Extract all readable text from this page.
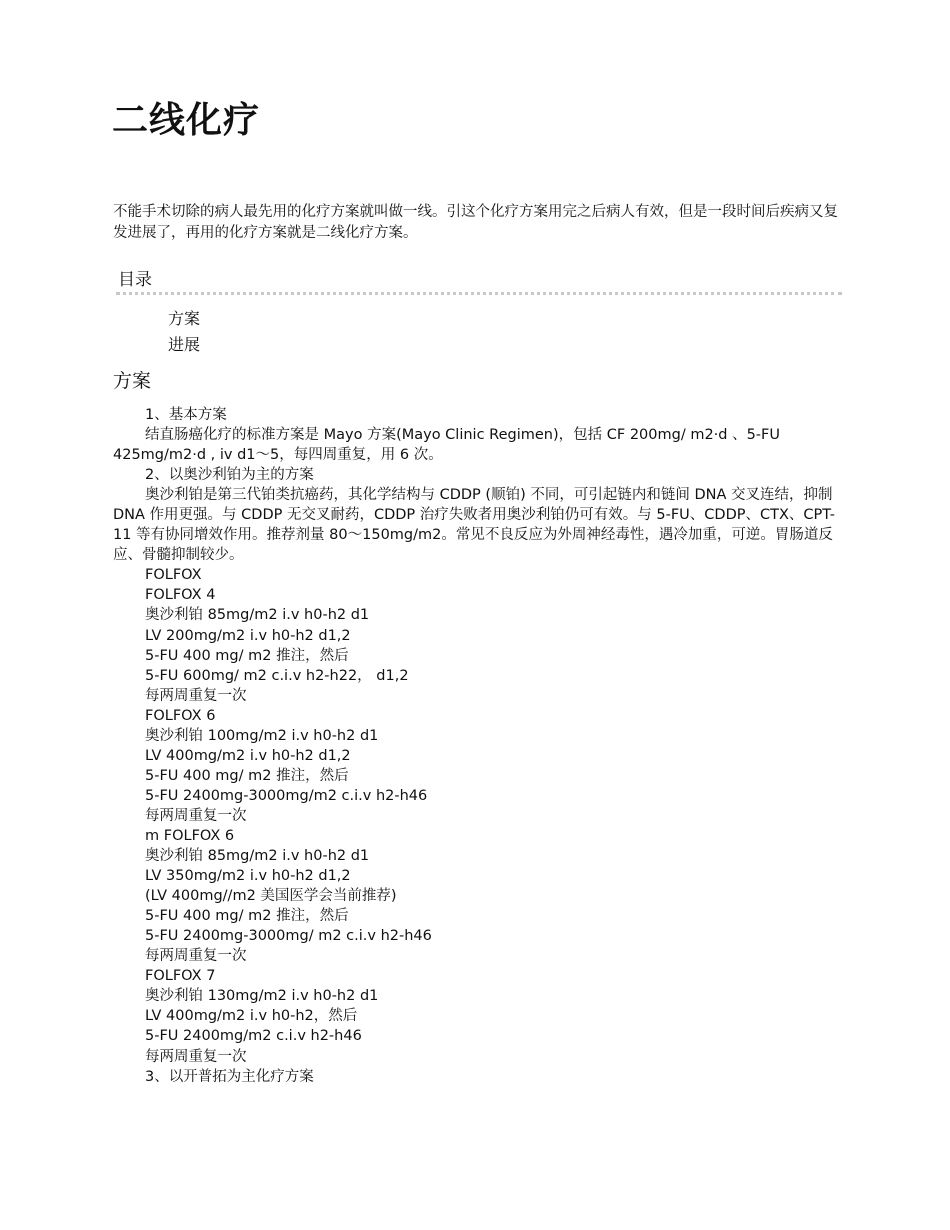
二线化疗

不能手术切除的病人最先用的化疗方案就叫做一线。引这个化疗方案用完之后病人有效，但是一段时间后疾病又复发进展了，再用的化疗方案就是二线化疗方案。

目录
方案
进展
方案

1、基本方案

结直肠癌化疗的标准方案是 Mayo 方案(Mayo Clinic Regimen)，包括 CF 200mg/ m2·d 、5-FU 425mg/m2·d , iv d1～5，每四周重复，用 6 次。

2、以奥沙利铂为主的方案

奥沙利铂是第三代铂类抗癌药，其化学结构与 CDDP (顺铂) 不同，可引起链内和链间 DNA 交叉连结，抑制 DNA 作用更强。与 CDDP 无交叉耐药，CDDP 治疗失败者用奥沙利铂仍可有效。与 5-FU、CDDP、CTX、CPT-11 等有协同增效作用。推荐剂量 80～150mg/m2。常见不良反应为外周神经毒性，遇冷加重，可逆。胃肠道反应、骨髓抑制较少。

FOLFOX

FOLFOX 4

奥沙利铂 85mg/m2 i.v h0-h2 d1

LV 200mg/m2 i.v h0-h2 d1,2

5-FU 400 mg/ m2 推注，然后

5-FU 600mg/ m2 c.i.v h2-h22， d1,2

每两周重复一次

FOLFOX 6

奥沙利铂 100mg/m2 i.v h0-h2 d1

LV 400mg/m2 i.v h0-h2 d1,2

5-FU 400 mg/ m2 推注，然后

5-FU 2400mg-3000mg/m2 c.i.v h2-h46

每两周重复一次

m FOLFOX 6

奥沙利铂 85mg/m2 i.v h0-h2 d1

LV 350mg/m2 i.v h0-h2 d1,2

(LV 400mg//m2 美国医学会当前推荐)

5-FU 400 mg/ m2 推注，然后

5-FU 2400mg-3000mg/ m2 c.i.v h2-h46

每两周重复一次

FOLFOX 7

奥沙利铂 130mg/m2 i.v h0-h2 d1

LV 400mg/m2 i.v h0-h2，然后

5-FU 2400mg/m2 c.i.v h2-h46

每两周重复一次

3、以开普拓为主化疗方案
